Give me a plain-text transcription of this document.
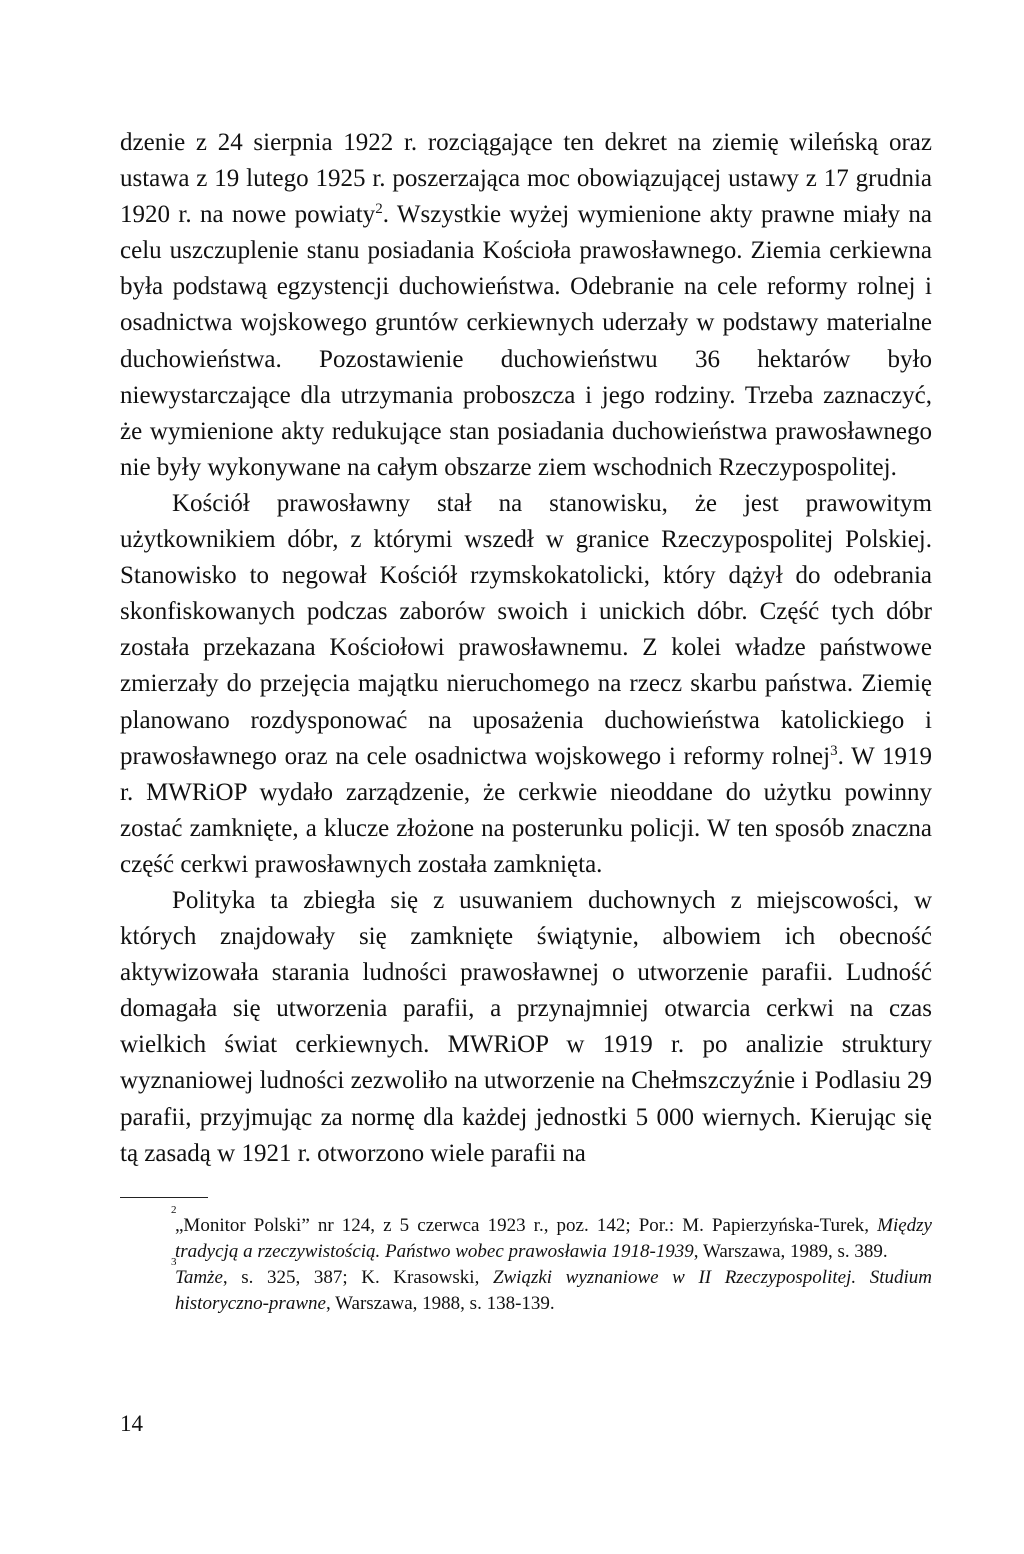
dzenie z 24 sierpnia 1922 r. rozciągające ten dekret na ziemię wileńską oraz ustawa z 19 lutego 1925 r. poszerzająca moc obowiązującej ustawy z 17 grudnia 1920 r. na nowe powiaty$^2$. Wszystkie wyżej wymienione akty prawne miały na celu uszczuplenie stanu posiadania Kościoła prawosławnego. Ziemia cerkiewna była podstawą egzystencji duchowieństwa. Odebranie na cele reformy rolnej i osadnictwa wojskowego gruntów cerkiewnych uderzały w podstawy materialne duchowieństwa. Pozostawienie duchowieństwu 36 hektarów było niewystarczające dla utrzymania proboszcza i jego rodziny. Trzeba zaznaczyć, że wymienione akty redukujące stan posiadania duchowieństwa prawosławnego nie były wykonywane na całym obszarze ziem wschodnich Rzeczypospolitej.

Kościół prawosławny stał na stanowisku, że jest prawowitym użytkownikiem dóbr, z którymi wszedł w granice Rzeczypospolitej Polskiej. Stanowisko to negował Kościół rzymskokatolicki, który dążył do odebrania skonfiskowanych podczas zaborów swoich i unickich dóbr. Część tych dóbr została przekazana Kościołowi prawosławnemu. Z kolei władze państwowe zmierzały do przejęcia majątku nieruchomego na rzecz skarbu państwa. Ziemię planowano rozdysponować na uposażenia duchowieństwa katolickiego i prawosławnego oraz na cele osadnictwa wojskowego i reformy rolnej$^3$. W 1919 r. MWRiOP wydało zarządzenie, że cerkwie nieoddane do użytku powinny zostać zamknięte, a klucze złożone na posterunku policji. W ten sposób znaczna część cerkwi prawosławnych została zamknięta.

Polityka ta zbiegła się z usuwaniem duchownych z miejscowości, w których znajdowały się zamknięte świątynie, albowiem ich obecność aktywizowała starania ludności prawosławnej o utworzenie parafii. Ludność domagała się utworzenia parafii, a przynajmniej otwarcia cerkwi na czas wielkich świat cerkiewnych. MWRiOP w 1919 r. po analizie struktury wyznaniowej ludności zezwoliło na utworzenie na Chełmszczyźnie i Podlasiu 29 parafii, przyjmując za normę dla każdej jednostki 5 000 wiernych. Kierując się tą zasadą w 1921 r. otworzono wiele parafii na

2
„Monitor Polski” nr 124, z 5 czerwca 1923 r., poz. 142; Por.: M. Papierzyńska-Turek, Między tradycją a rzeczywistością. Państwo wobec prawosławia 1918-1939, Warszawa, 1989, s. 389.

3
Tamże, s. 325, 387; K. Krasowski, Związki wyznaniowe w II Rzeczypospolitej. Studium historyczno-prawne, Warszawa, 1988, s. 138-139.

14
